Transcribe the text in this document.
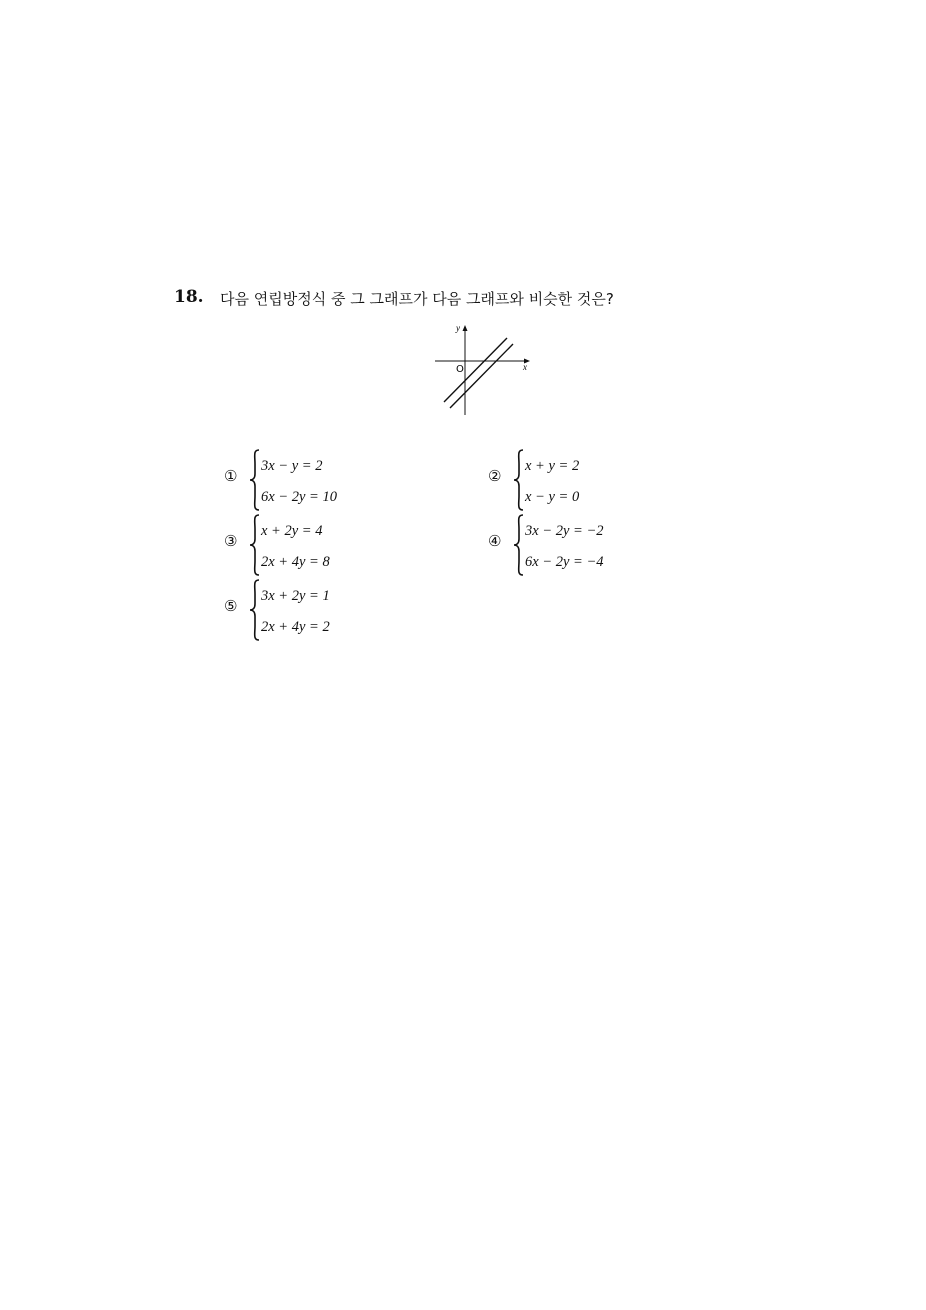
18. 다음 연립방정식 중 그 그래프가 다음 그래프와 비슷한 것은?
x
y
O
①
3x − y = 2
6x − 2y = 10
②
x + y = 2
x − y = 0
③
x + 2y = 4
2x + 4y = 8
④
3x − 2y = −2
6x − 2y = −4
⑤
3x + 2y = 1
2x + 4y = 2
